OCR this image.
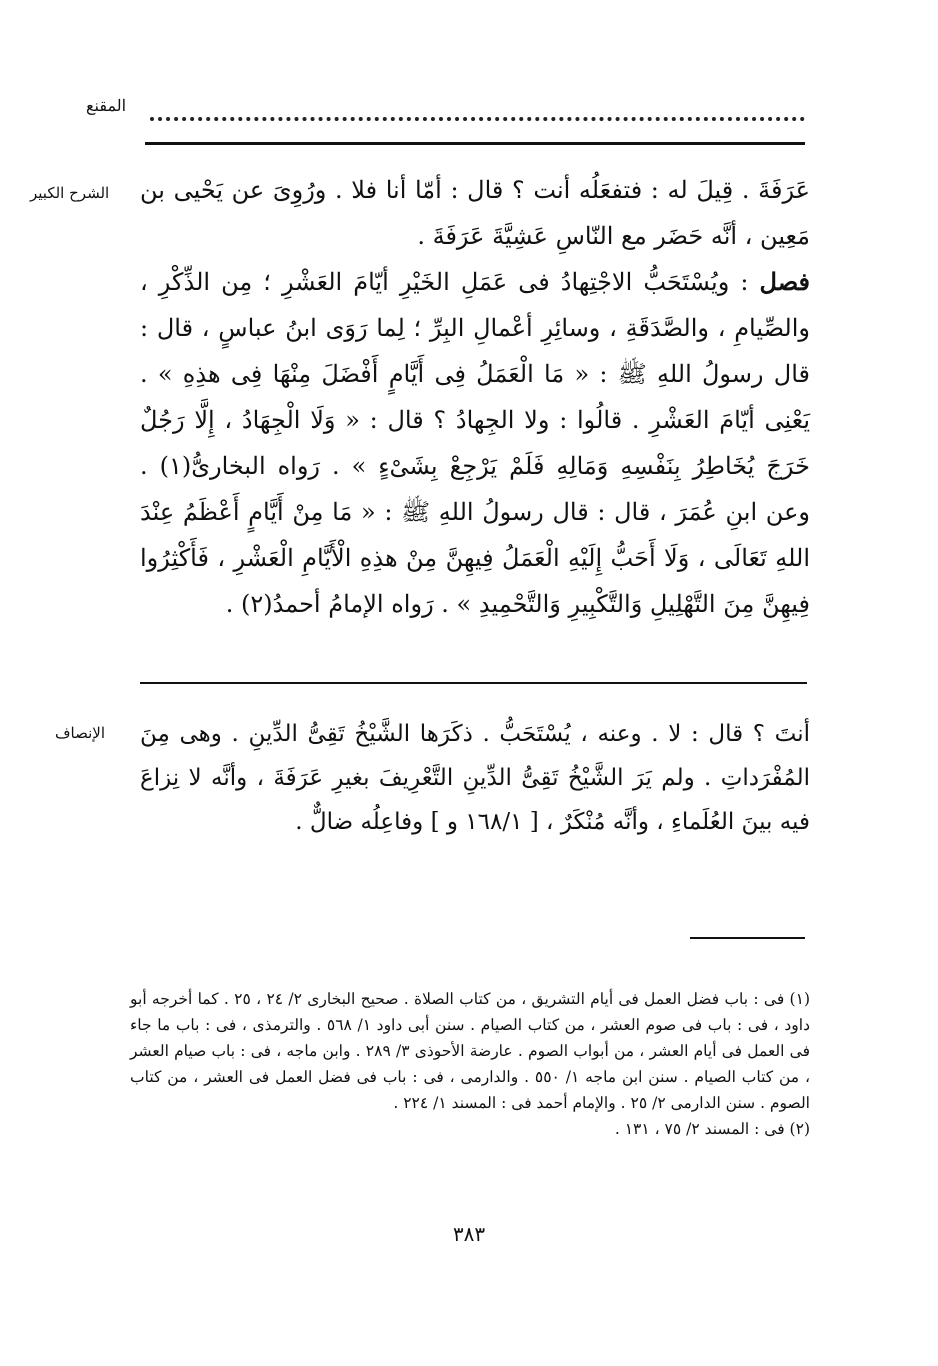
المقنع
الشرح الكبير عَرَفَةَ . قِيلَ له : فتفعَلُه أنت ؟ قال : أمّا أنا فلا . ورُوِىَ عن يَحْيى بن مَعِين ، أنَّه حَضَر مع النّاسِ عَشِيَّةَ عَرَفَةَ .

فصل : ويُسْتَحَبُّ الاجْتِهادُ فى عَمَلِ الخَيْرِ أيّامَ العَشْرِ ؛ مِن الذِّكْرِ ، والصِّيامِ ، والصَّدَقَةِ ، وسائِرِ أعْمالِ البِرِّ ؛ لِما رَوَى ابنُ عباسٍ ، قال : قال رسولُ اللهِ ﷺ : « مَا الْعَمَلُ فِى أَيَّامٍ أَفْضَلَ مِنْهَا فِى هذِهِ » . يَعْنِى أيّامَ العَشْرِ . قالُوا : ولا الجِهادُ ؟ قال : « وَلَا الْجِهَادُ ، إِلَّا رَجُلٌ خَرَجَ يُخَاطِرُ بِنَفْسِهِ وَمَالِهِ فَلَمْ يَرْجِعْ بِشَىْءٍ » . رَواه البخارىُّ(١) . وعن ابنِ عُمَرَ ، قال : قال رسولُ اللهِ ﷺ : « مَا مِنْ أَيَّامٍ أَعْظَمُ عِنْدَ اللهِ تَعَالَى ، وَلَا أَحَبُّ إِلَيْهِ الْعَمَلُ فِيهِنَّ مِنْ هذِهِ الْأَيَّامِ الْعَشْرِ ، فَأَكْثِرُوا فِيهِنَّ مِنَ التَّهْلِيلِ وَالتَّكْبِيرِ وَالتَّحْمِيدِ » . رَواه الإمامُ أحمدُ(٢) .

الإنصاف أنتَ ؟ قال : لا . وعنه ، يُسْتَحَبُّ . ذكَرَها الشَّيْخُ تَقِىُّ الدِّينِ . وهى مِنَ المُفْرَداتِ . ولم يَرَ الشَّيْخُ تَقِىُّ الدِّينِ التَّعْرِيفَ بغيرِ عَرَفَةَ ، وأنَّه لا نِزاعَ فيه بينَ العُلَماءِ ، وأنَّه مُنْكَرٌ ، [ ١٦٨/١ و ] وفاعِلُه ضالٌّ .

(١) فى : باب فضل العمل فى أيام التشريق ، من كتاب الصلاة . صحيح البخارى ٢/ ٢٤ ، ٢٥ . كما أخرجه أبو داود ، فى : باب فى صوم العشر ، من كتاب الصيام . سنن أبى داود ١/ ٥٦٨ . والترمذى ، فى : باب ما جاء فى العمل فى أيام العشر ، من أبواب الصوم . عارضة الأحوذى ٣/ ٢٨٩ . وابن ماجه ، فى : باب صيام العشر ، من كتاب الصيام . سنن ابن ماجه ١/ ٥٥٠ . والدارمى ، فى : باب فى فضل العمل فى العشر ، من كتاب الصوم . سنن الدارمى ٢/ ٢٥ . والإمام أحمد فى : المسند ١/ ٢٢٤ .

(٢) فى : المسند ٢/ ٧٥ ، ١٣١ .

٣٨٣
